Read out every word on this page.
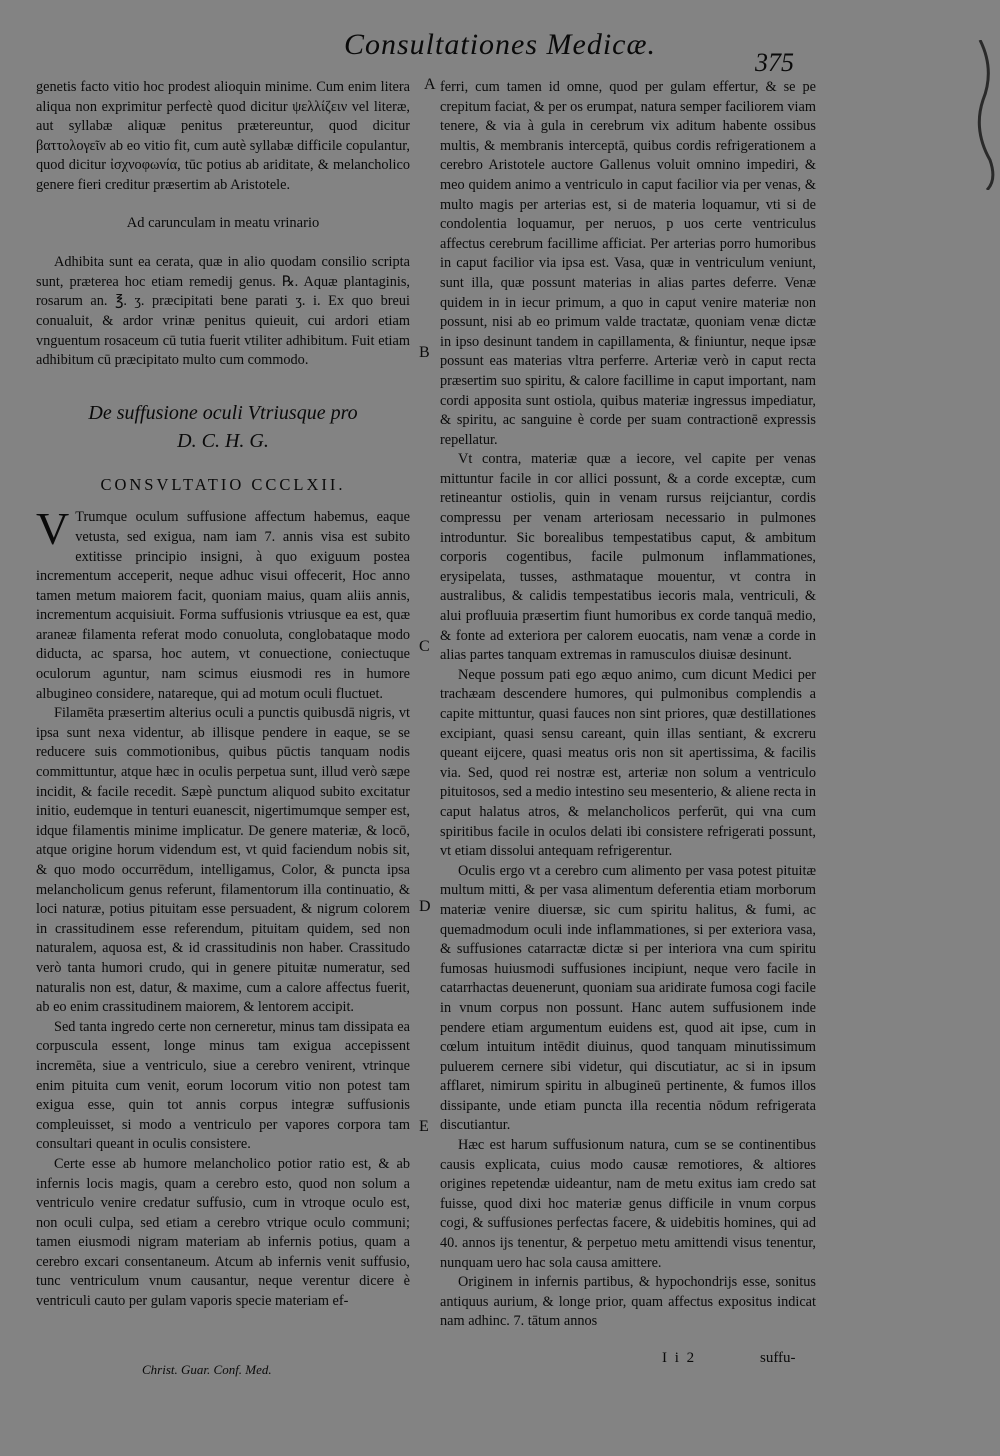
Consultationes Medicæ.
375

genetis facto vitio hoc prodest alioquin minime. Cum enim litera aliqua non exprimitur perfectè quod dicitur ψελλίζειν vel literæ, aut syllabæ aliquæ penitus prætereuntur, quod dicitur βαττολογεῖν ab eo vitio fit, cum autè syllabæ difficile copulantur, quod dicitur ἰσχνοφωνία, tūc potius ab ariditate, & melancholico genere fieri creditur præsertim ab Aristotele.

Ad carunculam in meatu vrinario

Adhibita sunt ea cerata, quæ in alio quodam consilio scripta sunt, præterea hoc etiam remedij genus. ℞. Aquæ plantaginis, rosarum an. ℥. ʒ. præcipitati bene parati ʒ. i. Ex quo breui conualuit, & ardor vrinæ penitus quieuit, cui ardori etiam vnguentum rosaceum cū tutia fuerit vtiliter adhibitum. Fuit etiam adhibitum cū præcipitato multo cum commodo.

De suffusione oculi Vtriusque pro
D. C. H. G.
CONSVLTATIO CCCLXII.

V Trumque oculum suffusione affectum habemus, eaque vetusta, sed exigua, nam iam 7. annis visa est subito extitisse principio insigni, à quo exiguum postea incrementum acceperit, neque adhuc visui offecerit, Hoc anno tamen metum maiorem facit, quoniam maius, quam aliis annis, incrementum acquisiuit. Forma suffusionis vtriusque ea est, quæ araneæ filamenta referat modo conuoluta, conglobataque modo diducta, ac sparsa, hoc autem, vt conuectione, coniectuque oculorum aguntur, nam scimus eiusmodi res in humore albugineo considere, natareque, qui ad motum oculi fluctuet.

Filamēta præsertim alterius oculi a punctis quibusdā nigris, vt ipsa sunt nexa videntur, ab illisque pendere in eaque, se se reducere suis commotionibus, quibus pūctis tanquam nodis committuntur, atque hæc in oculis perpetua sunt, illud verò sæpe incidit, & facile recedit. Sæpè punctum aliquod subito excitatur initio, eudemque in tenturi euanescit, nigertimumque semper est, idque filamentis minime implicatur. De genere materiæ, & locō, atque origine horum videndum est, vt quid faciendum nobis sit, & quo modo occurrēdum, intelligamus, Color, & puncta ipsa melancholicum genus referunt, filamentorum illa continuatio, & loci naturæ, potius pituitam esse persuadent, & nigrum colorem in crassitudinem esse referendum, pituitam quidem, sed non naturalem, aquosa est, & id crassitudinis non haber. Crassitudo verò tanta humori crudo, qui in genere pituitæ numeratur, sed naturalis non est, datur, & maxime, cum a calore affectus fuerit, ab eo enim crassitudinem maiorem, & lentorem accipit.

Sed tanta ingredo certe non cerneretur, minus tam dissipata ea corpuscula essent, longe minus tam exigua accepissent incremēta, siue a ventriculo, siue a cerebro venirent, vtrinque enim pituita cum venit, eorum locorum vitio non potest tam exigua esse, quin tot annis corpus integræ suffusionis compleuisset, si modo a ventriculo per vapores corpora tam consultari queant in oculis consistere.

Certe esse ab humore melancholico potior ratio est, & ab infernis locis magis, quam a cerebro esto, quod non solum a ventriculo venire credatur suffusio, cum in vtroque oculo est, non oculi culpa, sed etiam a cerebro vtrique oculo communi; tamen eiusmodi nigram materiam ab infernis potius, quam a cerebro excari consentaneum. Atcum ab infernis venit suffusio, tunc ventriculum vnum causantur, neque verentur dicere è ventriculi cauto per gulam vaporis specie materiam ef-

ferri, cum tamen id omne, quod per gulam effertur, & se pe crepitum faciat, & per os erumpat, natura semper faciliorem viam tenere, & via à gula in cerebrum vix aditum habente ossibus multis, & membranis interceptā, quibus cordis refrigerationem a cerebro Aristotele auctore Gallenus voluit omnino impediri, & meo quidem animo a ventriculo in caput facilior via per venas, & multo magis per arterias est, si de materia loquamur, vti si de condolentia loquamur, per neruos, p uos certe ventriculus affectus cerebrum facillime afficiat. Per arterias porro humoribus in caput facilior via ipsa est. Vasa, quæ in ventriculum veniunt, sunt illa, quæ possunt materias in alias partes deferre. Venæ quidem in in iecur primum, a quo in caput venire materiæ non possunt, nisi ab eo primum valde tractatæ, quoniam venæ dictæ in ipso desinunt tandem in capillamenta, & finiuntur, neque ipsæ possunt eas materias vltra perferre. Arteriæ verò in caput recta præsertim suo spiritu, & calore facillime in caput important, nam cordi apposita sunt ostiola, quibus materiæ ingressus impediatur, & spiritu, ac sanguine è corde per suam contractionē expressis repellatur.

Vt contra, materiæ quæ a iecore, vel capite per venas mittuntur facile in cor allici possunt, & a corde exceptæ, cum retineantur ostiolis, quin in venam rursus reijciantur, cordis compressu per venam arteriosam necessario in pulmones introduntur. Sic borealibus tempestatibus caput, & ambitum corporis cogentibus, facile pulmonum inflammationes, erysipelata, tusses, asthmataque mouentur, vt contra in australibus, & calidis tempestatibus iecoris mala, ventriculi, & alui profluuia præsertim fiunt humoribus ex corde tanquā medio, & fonte ad exteriora per calorem euocatis, nam venæ a corde in alias partes tanquam extremas in ramusculos diuisæ desinunt.

Neque possum pati ego æquo animo, cum dicunt Medici per trachæam descendere humores, qui pulmonibus complendis a capite mittuntur, quasi fauces non sint priores, quæ destillationes excipiant, quasi sensu careant, quin illas sentiant, & excreru queant eijcere, quasi meatus oris non sit apertissima, & facilis via. Sed, quod rei nostræ est, arteriæ non solum a ventriculo pituitosos, sed a medio intestino seu mesenterio, & aliene recta in caput halatus atros, & melancholicos perferūt, qui vna cum spiritibus facile in oculos delati ibi consistere refrigerati possunt, vt etiam dissolui antequam refrigerentur.

Oculis ergo vt a cerebro cum alimento per vasa potest pituitæ multum mitti, & per vasa alimentum deferentia etiam morborum materiæ venire diuersæ, sic cum spiritu halitus, & fumi, ac quemadmodum oculi inde inflammationes, si per exteriora vasa, & suffusiones catarractæ dictæ si per interiora vna cum spiritu fumosas huiusmodi suffusiones incipiunt, neque vero facile in catarrhactas deuenerunt, quoniam sua aridirate fumosa cogi facile in vnum corpus non possunt. Hanc autem suffusionem inde pendere etiam argumentum euidens est, quod ait ipse, cum in cœlum intuitum intēdit diuinus, quod tanquam minutissimum puluerem cernere sibi videtur, qui discutiatur, ac si in ipsum afflaret, nimirum spiritu in albugineū pertinente, & fumos illos dissipante, unde etiam puncta illa recentia nōdum refrigerata discutiantur.

Hæc est harum suffusionum natura, cum se se continentibus causis explicata, cuius modo causæ remotiores, & altiores origines repetendæ uideantur, nam de metu exitus iam credo sat fuisse, quod dixi hoc materiæ genus difficile in vnum corpus cogi, & suffusiones perfectas facere, & uidebitis homines, qui ad 40. annos ijs tenentur, & perpetuo metu amittendi visus tenentur, nunquam uero hac sola causa amittere.

Originem in infernis partibus, & hypochondrijs esse, sonitus antiquus aurium, & longe prior, quam affectus expositus indicat nam adhinc. 7. tātum annos

A
B
C
D
E
Christ. Guar. Conf. Med.
I i 2	suffu-
